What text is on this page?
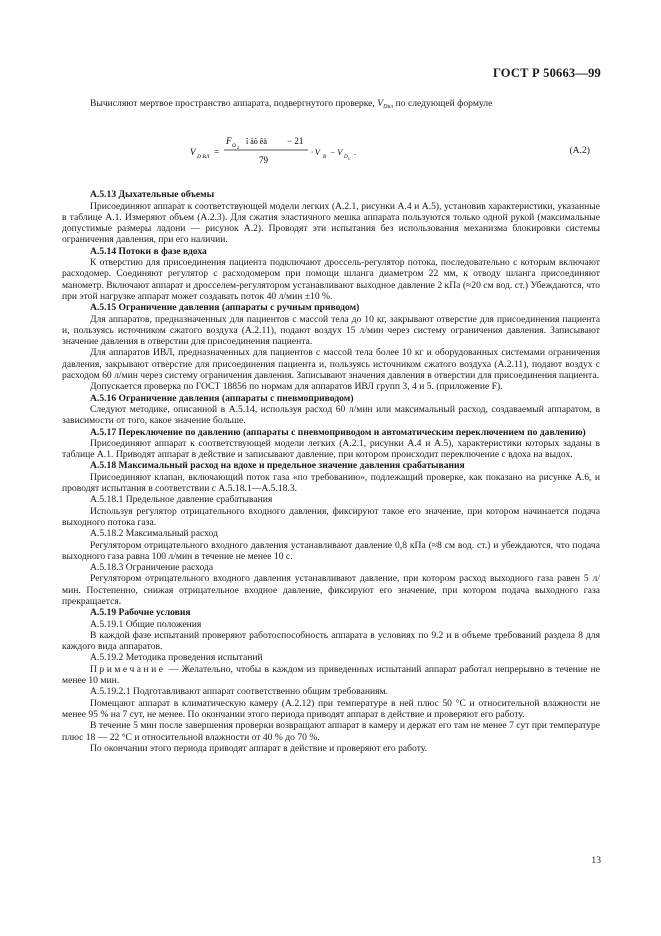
ГОСТ Р 50663—99

Вычисляют мертвое пространство аппарата, подвергнутого проверке, $V_{DВЛ}$ по следующей формуле

V D ВЛ =
F O 2
î åõ êä − 21
79
· V
B
− V
D С
.	(А.2)

А.5.13 Дыхательные объемы

Присоединяют аппарат к соответствующей модели легких (А.2.1, рисунки А.4 и А.5), установив характеристики, указанные в таблице А.1. Измеряют объем (А.2.3). Для сжатия эластичного мешка аппарата пользуются только одной рукой (максимальные допустимые размеры ладони — рисунок А.2). Проводят эти испытания без использования механизма блокировки системы ограничения давления, при его наличии.

А.5.14 Потоки в фазе вдоха

К отверстию для присоединения пациента подключают дроссель-регулятор потока, последовательно с которым включают расходомер. Соединяют регулятор с расходомером при помощи шланга диаметром 22 мм, к отводу шланга присоединяют манометр. Включают аппарат и дросселем-регулятором устанавливают выходное давление 2 кПа (≈20 см вод. ст.) Убеждаются, что при этой нагрузке аппарат может создавать поток 40 л/мин ±10 %.

А.5.15 Ограничение давления (аппараты с ручным приводом)

Для аппаратов, предназначенных для пациентов с массой тела до 10 кг, закрывают отверстие для присоединения пациента и, пользуясь источником сжатого воздуха (А.2.11), подают воздух 15 л/мин через систему ограничения давления. Записывают значение давления в отверстии для присоединения пациента.

Для аппаратов ИВЛ, предназначенных для пациентов с массой тела более 10 кг и оборудованных системами ограничения давления, закрывают отверстие для присоединения пациента и, пользуясь источником сжатого воздуха (А.2.11), подают воздух с расходом 60 л/мин через систему ограничения давления. Записывают значения давления в отверстии для присоединения пациента.

Допускается проверка по ГОСТ 18856 по нормам для аппаратов ИВЛ групп 3, 4 и 5. (приложение F).

А.5.16 Ограничение давления (аппараты с пневмоприводом)

Следуют методике, описанной в А.5.14, используя расход 60 л/мин или максимальный расход, создаваемый аппаратом, в зависимости от того, какое значение больше.

А.5.17 Переключение по давлению (аппараты с пневмоприводом и автоматическим переключением по давлению)

Присоединяют аппарат к соответствующей модели легких (А.2.1, рисунки А.4 и А.5), характеристики которых заданы в таблице А.1. Приводят аппарат в действие и записывают давление, при котором происходит переключение с вдоха на выдох.

А.5.18 Максимальный расход на вдохе и предельное значение давления срабатывания

Присоединяют клапан, включающий поток газа «по требованию», подлежащий проверке, как показано на рисунке А.6, и проводят испытания в соответствии с А.5.18.1—А.5.18.3.

А.5.18.1 Предельное давление срабатывания

Используя регулятор отрицательного входного давления, фиксируют такое его значение, при котором начинается подача выходного потока газа.

А.5.18.2 Максимальный расход

Регулятором отрицательного входного давления устанавливают давление 0,8 кПа (≈8 см вод. ст.) и убеждаются, что подача выходного газа равна 100 л/мин в течение не менее 10 с.

А.5.18.3 Ограничение расхода

Регулятором отрицательного входного давления устанавливают давление, при котором расход выходного газа равен 5 л/мин. Постепенно, снижая отрицательное входное давление, фиксируют его значение, при котором подача выходного газа прекращается.

А.5.19 Рабочие условия

А.5.19.1 Общие положения

В каждой фазе испытаний проверяют работоспособность аппарата в условиях по 9.2 и в объеме требований раздела 8 для каждого вида аппаратов.

А.5.19.2 Методика проведения испытаний

Примечание — Желательно, чтобы в каждом из приведенных испытаний аппарат работал непрерывно в течение не менее 10 мин.

А.5.19.2.1 Подготавливают аппарат соответственно общим требованиям.

Помещают аппарат в климатическую камеру (А.2.12) при температуре в ней плюс 50 °С и относительной влажности не менее 95 % на 7 сут, не менее. По окончании этого периода приводят аппарат в действие и проверяют его работу.

В течение 5 мин после завершения проверки возвращают аппарат в камеру и держат его там не менее 7 сут при температуре плюс 18 — 22 °С и относительной влажности от 40 % до 70 %.

По окончании этого периода приводят аппарат в действие и проверяют его работу.

13
